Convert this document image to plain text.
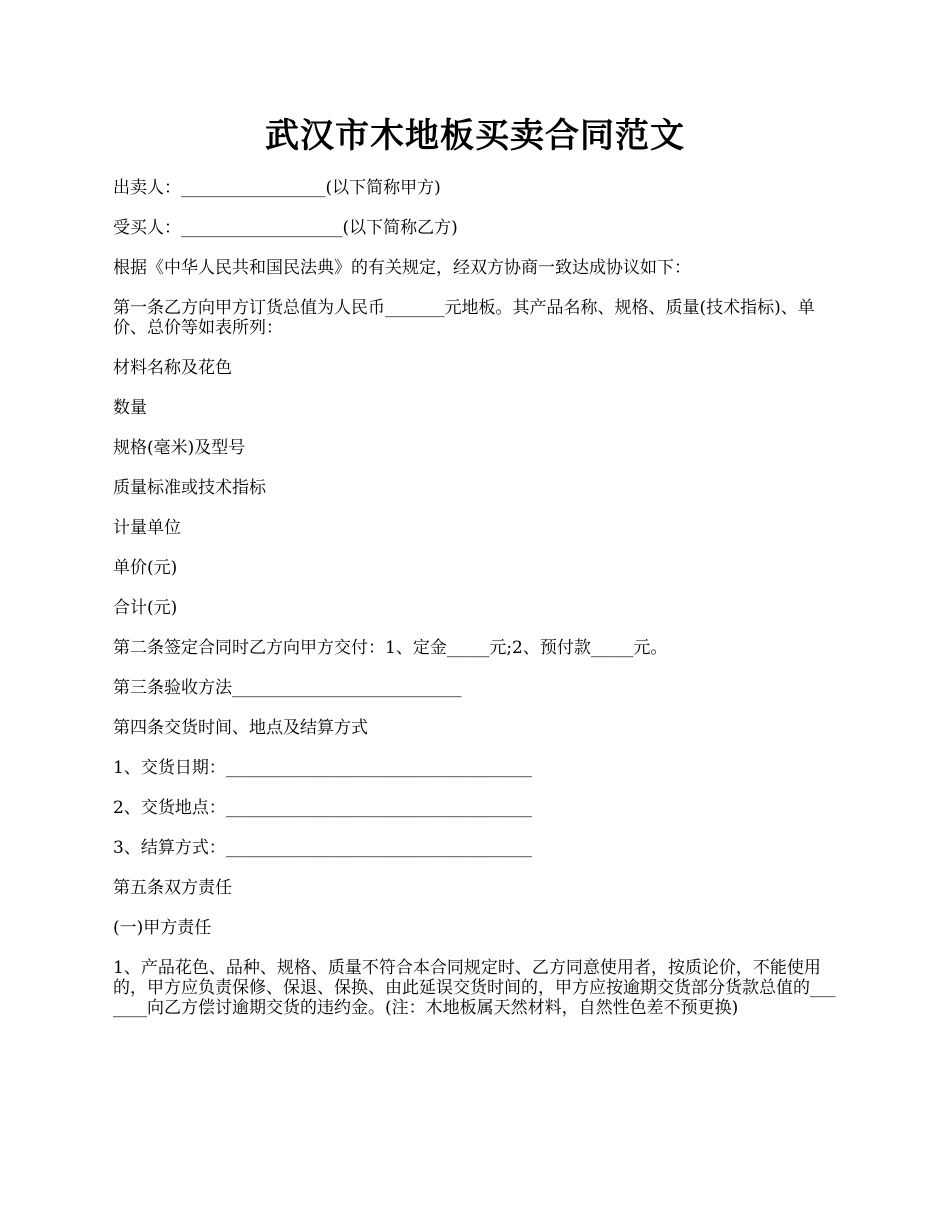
武汉市木地板买卖合同范文

出卖人：_________________(以下简称甲方)

受买人：___________________(以下简称乙方)

根据《中华人民共和国民法典》的有关规定，经双方协商一致达成协议如下：

第一条乙方向甲方订货总值为人民币_______元地板。其产品名称、规格、质量(技术指标)、单价、总价等如表所列：

材料名称及花色

数量

规格(毫米)及型号

质量标准或技术指标

计量单位

单价(元)

合计(元)

第二条签定合同时乙方向甲方交付：1、定金_____元;2、预付款_____元。

第三条验收方法___________________________

第四条交货时间、地点及结算方式

1、交货日期：____________________________________

2、交货地点：____________________________________

3、结算方式：____________________________________

第五条双方责任

(一)甲方责任

1、产品花色、品种、规格、质量不符合本合同规定时、乙方同意使用者，按质论价，不能使用的，甲方应负责保修、保退、保换、由此延误交货时间的，甲方应按逾期交货部分货款总值的_______向乙方偿讨逾期交货的违约金。(注：木地板属天然材料，自然性色差不预更换)
